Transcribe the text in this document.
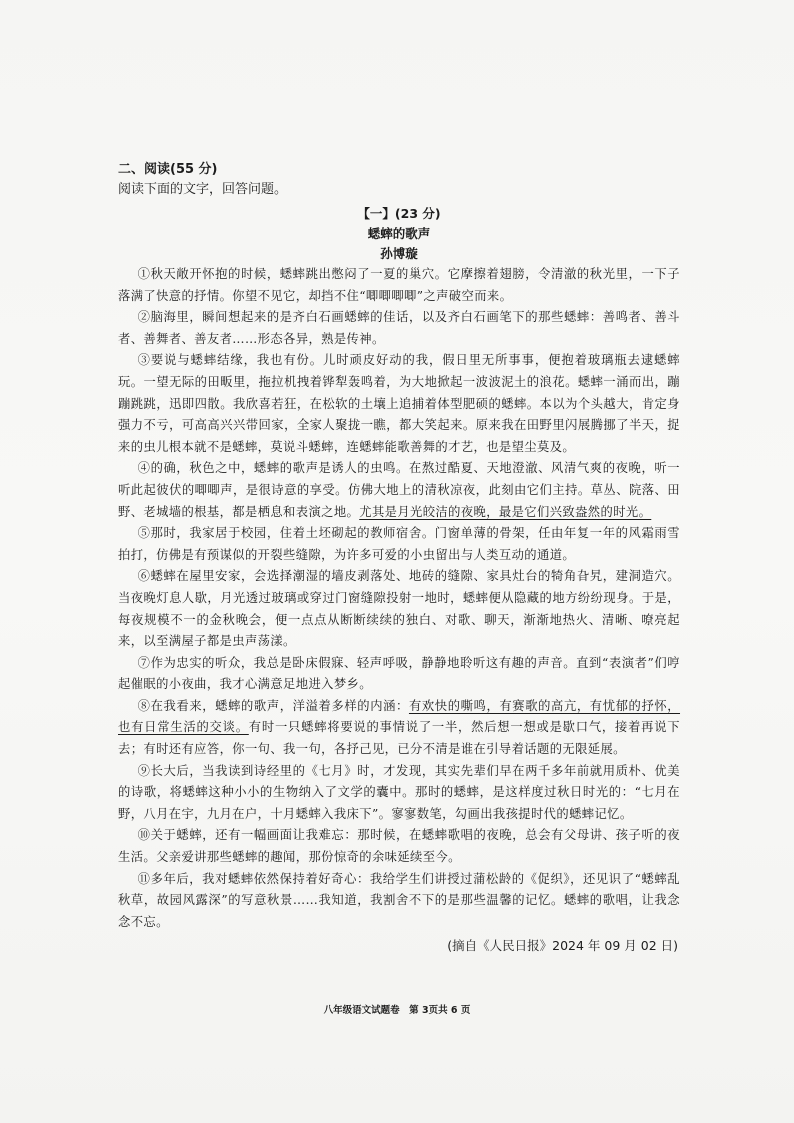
二、阅读(55 分)
阅读下面的文字，回答问题。
【一】(23 分)
蟋蟀的歌声
孙博璇

①秋天敞开怀抱的时候，蟋蟀跳出憋闷了一夏的巢穴。它摩擦着翅膀，令清澈的秋光里，一下子落满了快意的抒情。你望不见它，却挡不住“唧唧唧唧”之声破空而来。

②脑海里，瞬间想起来的是齐白石画蟋蟀的佳话，以及齐白石画笔下的那些蟋蟀：善鸣者、善斗者、善舞者、善友者……形态各异，熟是传神。

③要说与蟋蟀结缘，我也有份。儿时顽皮好动的我，假日里无所事事，便抱着玻璃瓶去逮蟋蟀玩。一望无际的田畈里，拖拉机拽着铧犁轰鸣着，为大地掀起一波波泥土的浪花。蟋蟀一涌而出，蹦蹦跳跳，迅即四散。我欣喜若狂，在松软的土壤上追捕着体型肥硕的蟋蟀。本以为个头越大，肯定身强力不亏，可高高兴兴带回家，全家人聚拢一瞧，都大笑起来。原来我在田野里闪展腾挪了半天，捉来的虫儿根本就不是蟋蟀，莫说斗蟋蟀，连蟋蟀能歌善舞的才艺，也是望尘莫及。

④的确，秋色之中，蟋蟀的歌声是诱人的虫鸣。在熬过酷夏、天地澄澈、风清气爽的夜晚，听一听此起彼伏的唧唧声，是很诗意的享受。仿佛大地上的清秋凉夜，此刻由它们主持。草丛、院落、田野、老城墙的根基，都是栖息和表演之地。尤其是月光皎洁的夜晚，最是它们兴致盎然的时光。

⑤那时，我家居于校园，住着土坯砌起的教师宿舍。门窗单薄的骨架，任由年复一年的风霜雨雪拍打，仿佛是有预谋似的开裂些缝隙，为许多可爱的小虫留出与人类互动的通道。

⑥蟋蟀在屋里安家，会选择潮湿的墙皮剥落处、地砖的缝隙、家具灶台的犄角旮旯，建洞造穴。当夜晚灯息人歇，月光透过玻璃或穿过门窗缝隙投射一地时，蟋蟀便从隐藏的地方纷纷现身。于是，每夜规模不一的金秋晚会，便一点点从断断续续的独白、对歌、聊天，渐渐地热火、清晰、嘹亮起来，以至满屋子都是虫声荡漾。

⑦作为忠实的听众，我总是卧床假寐、轻声呼吸，静静地聆听这有趣的声音。直到“表演者”们哼起催眠的小夜曲，我才心满意足地进入梦乡。

⑧在我看来，蟋蟀的歌声，洋溢着多样的内涵：有欢快的嘶鸣，有赛歌的高亢，有忧郁的抒怀，也有日常生活的交谈。有时一只蟋蟀将要说的事情说了一半，然后想一想或是歇口气，接着再说下去；有时还有应答，你一句、我一句，各抒己见，已分不清是谁在引导着话题的无限延展。

⑨长大后，当我读到诗经里的《七月》时，才发现，其实先辈们早在两千多年前就用质朴、优美的诗歌，将蟋蟀这种小小的生物纳入了文学的囊中。那时的蟋蟀，是这样度过秋日时光的：“七月在野，八月在宇，九月在户，十月蟋蟀入我床下”。寥寥数笔，勾画出我孩提时代的蟋蟀记忆。

⑩关于蟋蟀，还有一幅画面让我难忘：那时候，在蟋蟀歌唱的夜晚，总会有父母讲、孩子听的夜生活。父亲爱讲那些蟋蟀的趣闻，那份惊奇的余味延续至今。

⑪多年后，我对蟋蟀依然保持着好奇心：我给学生们讲授过蒲松龄的《促织》，还见识了“蟋蟀乱秋草，故园风露深”的写意秋景……我知道，我割舍不下的是那些温馨的记忆。蟋蟀的歌唱，让我念念不忘。

(摘自《人民日报》2024 年 09 月 02 日)
八年级语文试题卷　第 3页共 6 页
